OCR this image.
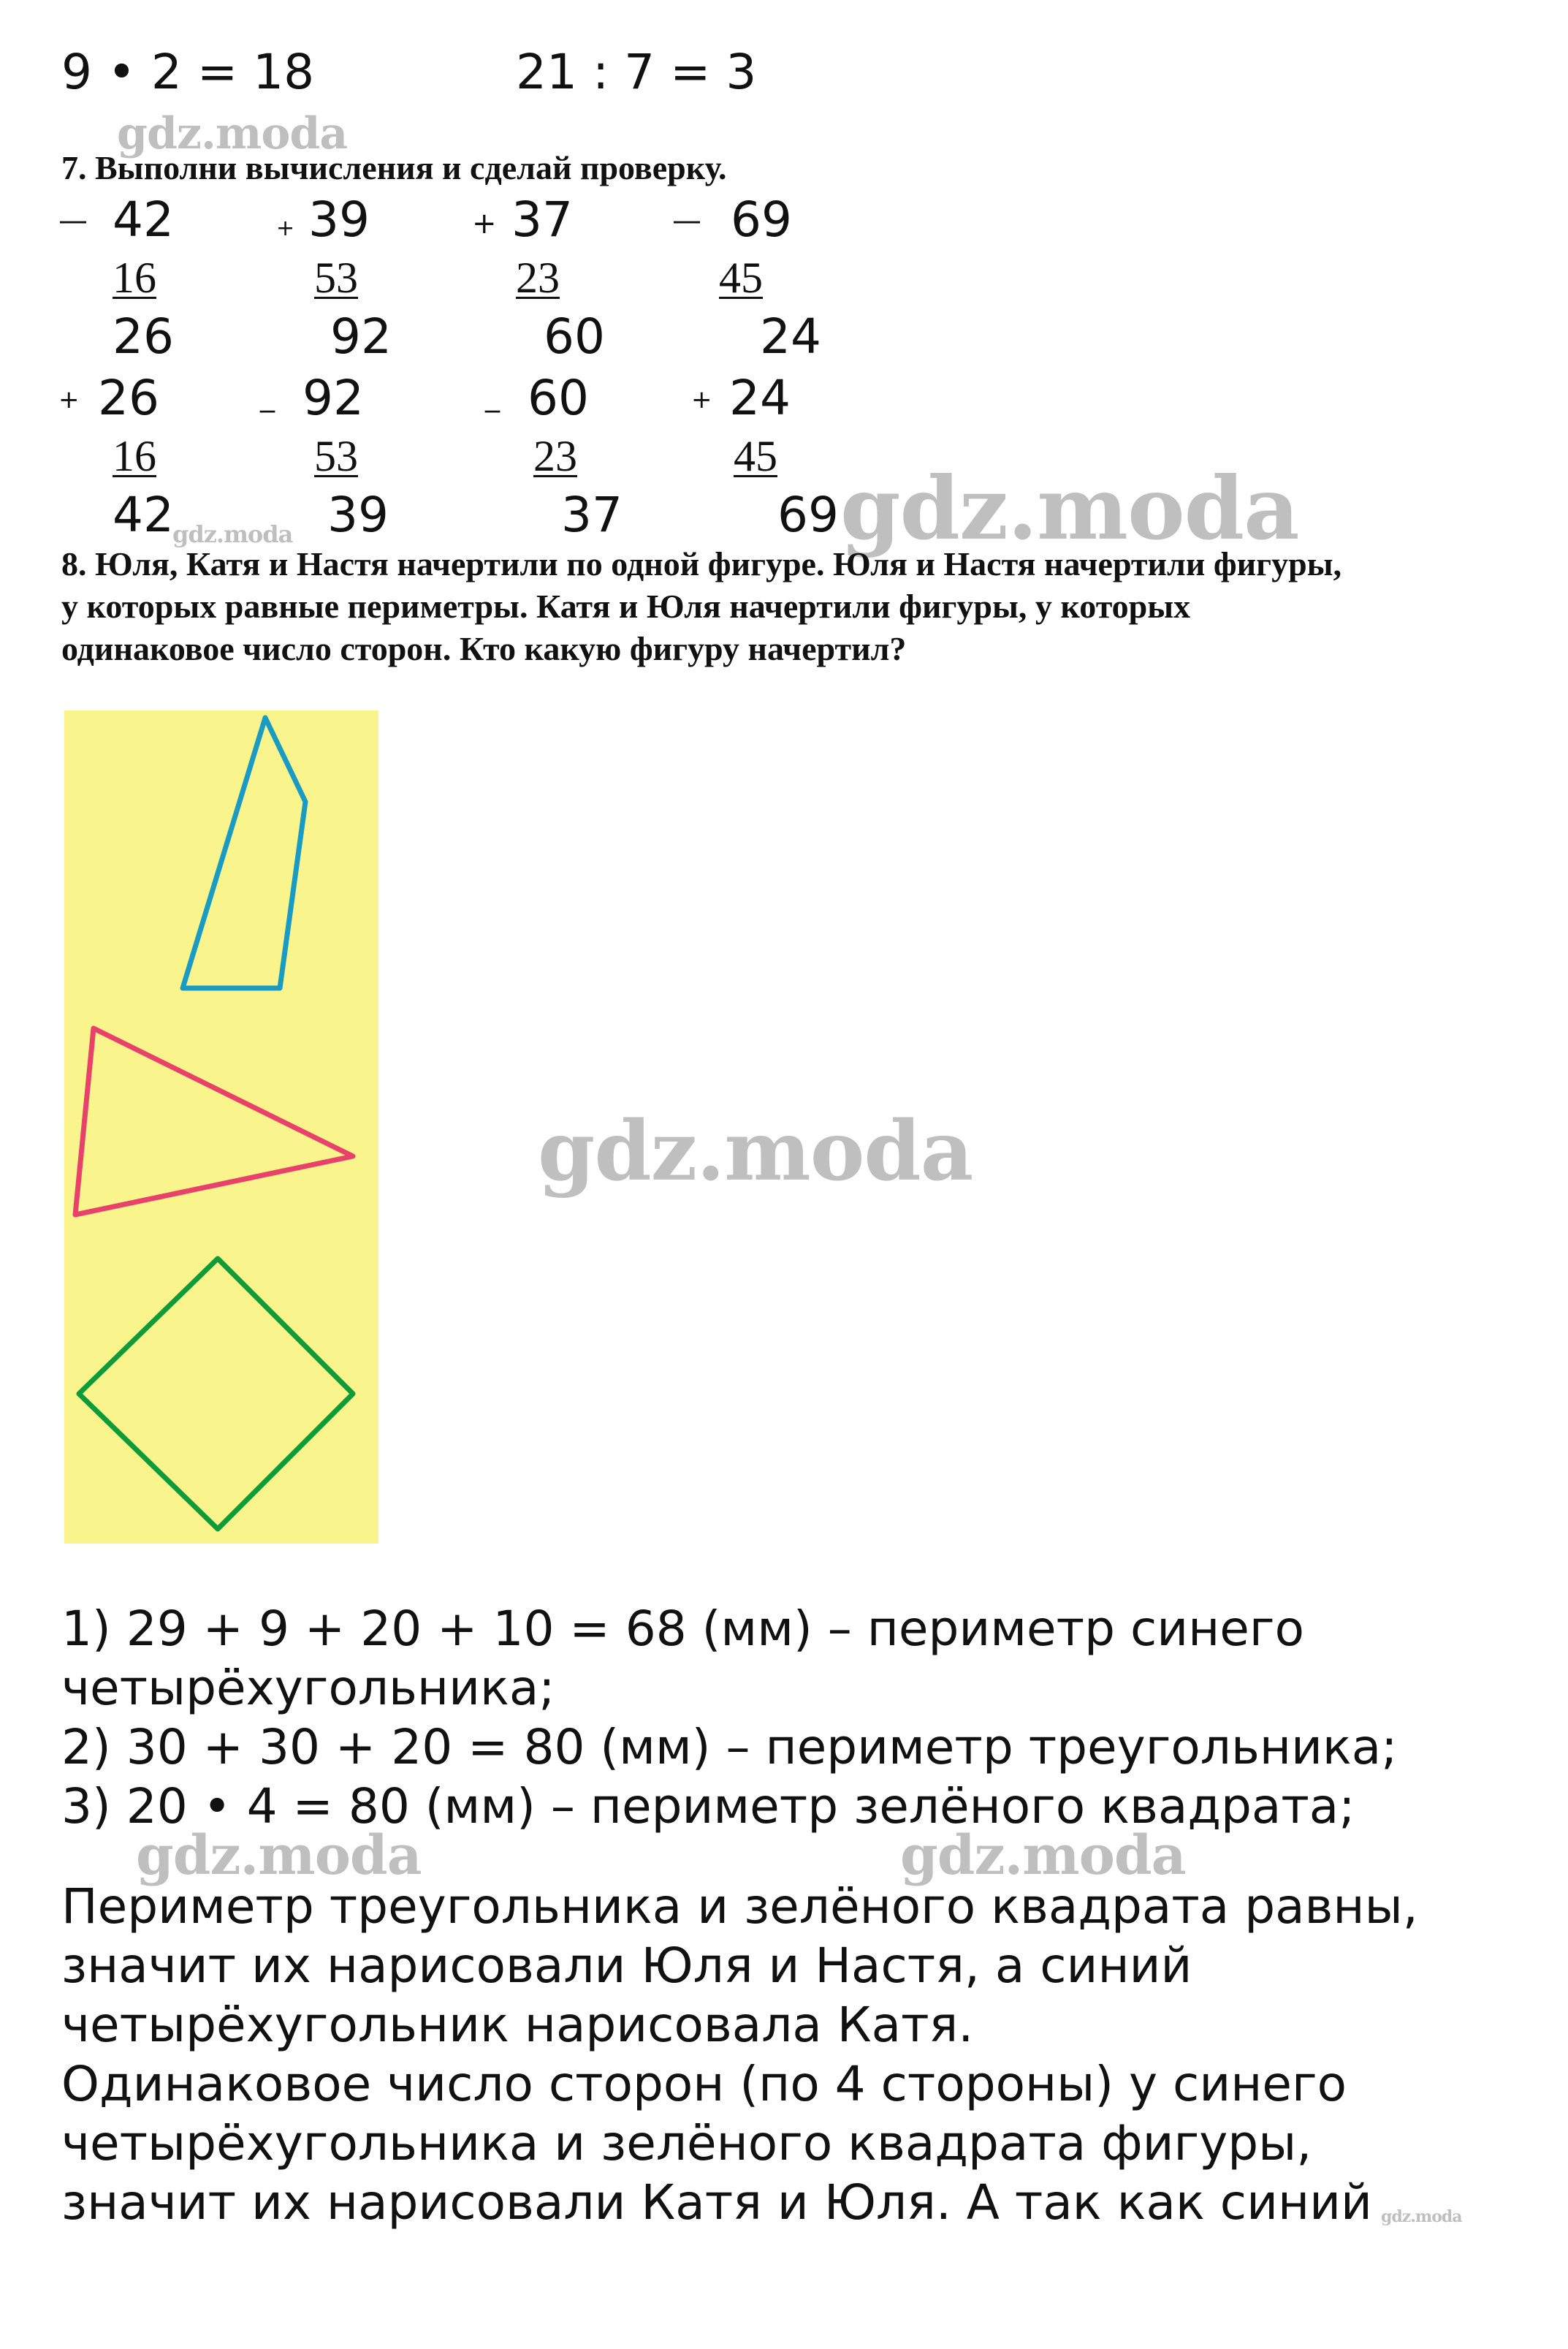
9 • 2 = 18	21 : 7 = 3
gdz.moda
7. Выполни вычисления и сделай проверку.
— 42
16
26
+ 39
53
92
+ 37
23
60
— 69
45
24
+ 26
16
42
_ 92
53
39
_ 60
23
37
+ 24
45
69
gdz.moda	gdz.moda
8. Юля, Катя и Настя начертили по одной фигуре. Юля и Настя начертили фигуры,
у которых равные периметры. Катя и Юля начертили фигуры, у которых
одинаковое число сторон. Кто какую фигуру начертил?
gdz.moda
1) 29 + 9 + 20 + 10 = 68 (мм) – периметр синего
четырёхугольника;
2) 30 + 30 + 20 = 80 (мм) – периметр треугольника;
3) 20 • 4 = 80 (мм) – периметр зелёного квадрата;
gdz.moda	gdz.moda
Периметр треугольника и зелёного квадрата равны,
значит их нарисовали Юля и Настя, а синий
четырёхугольник нарисовала Катя.
Одинаковое число сторон (по 4 стороны) у синего
четырёхугольника и зелёного квадрата фигуры,
значит их нарисовали Катя и Юля. А так как синий gdz.moda
